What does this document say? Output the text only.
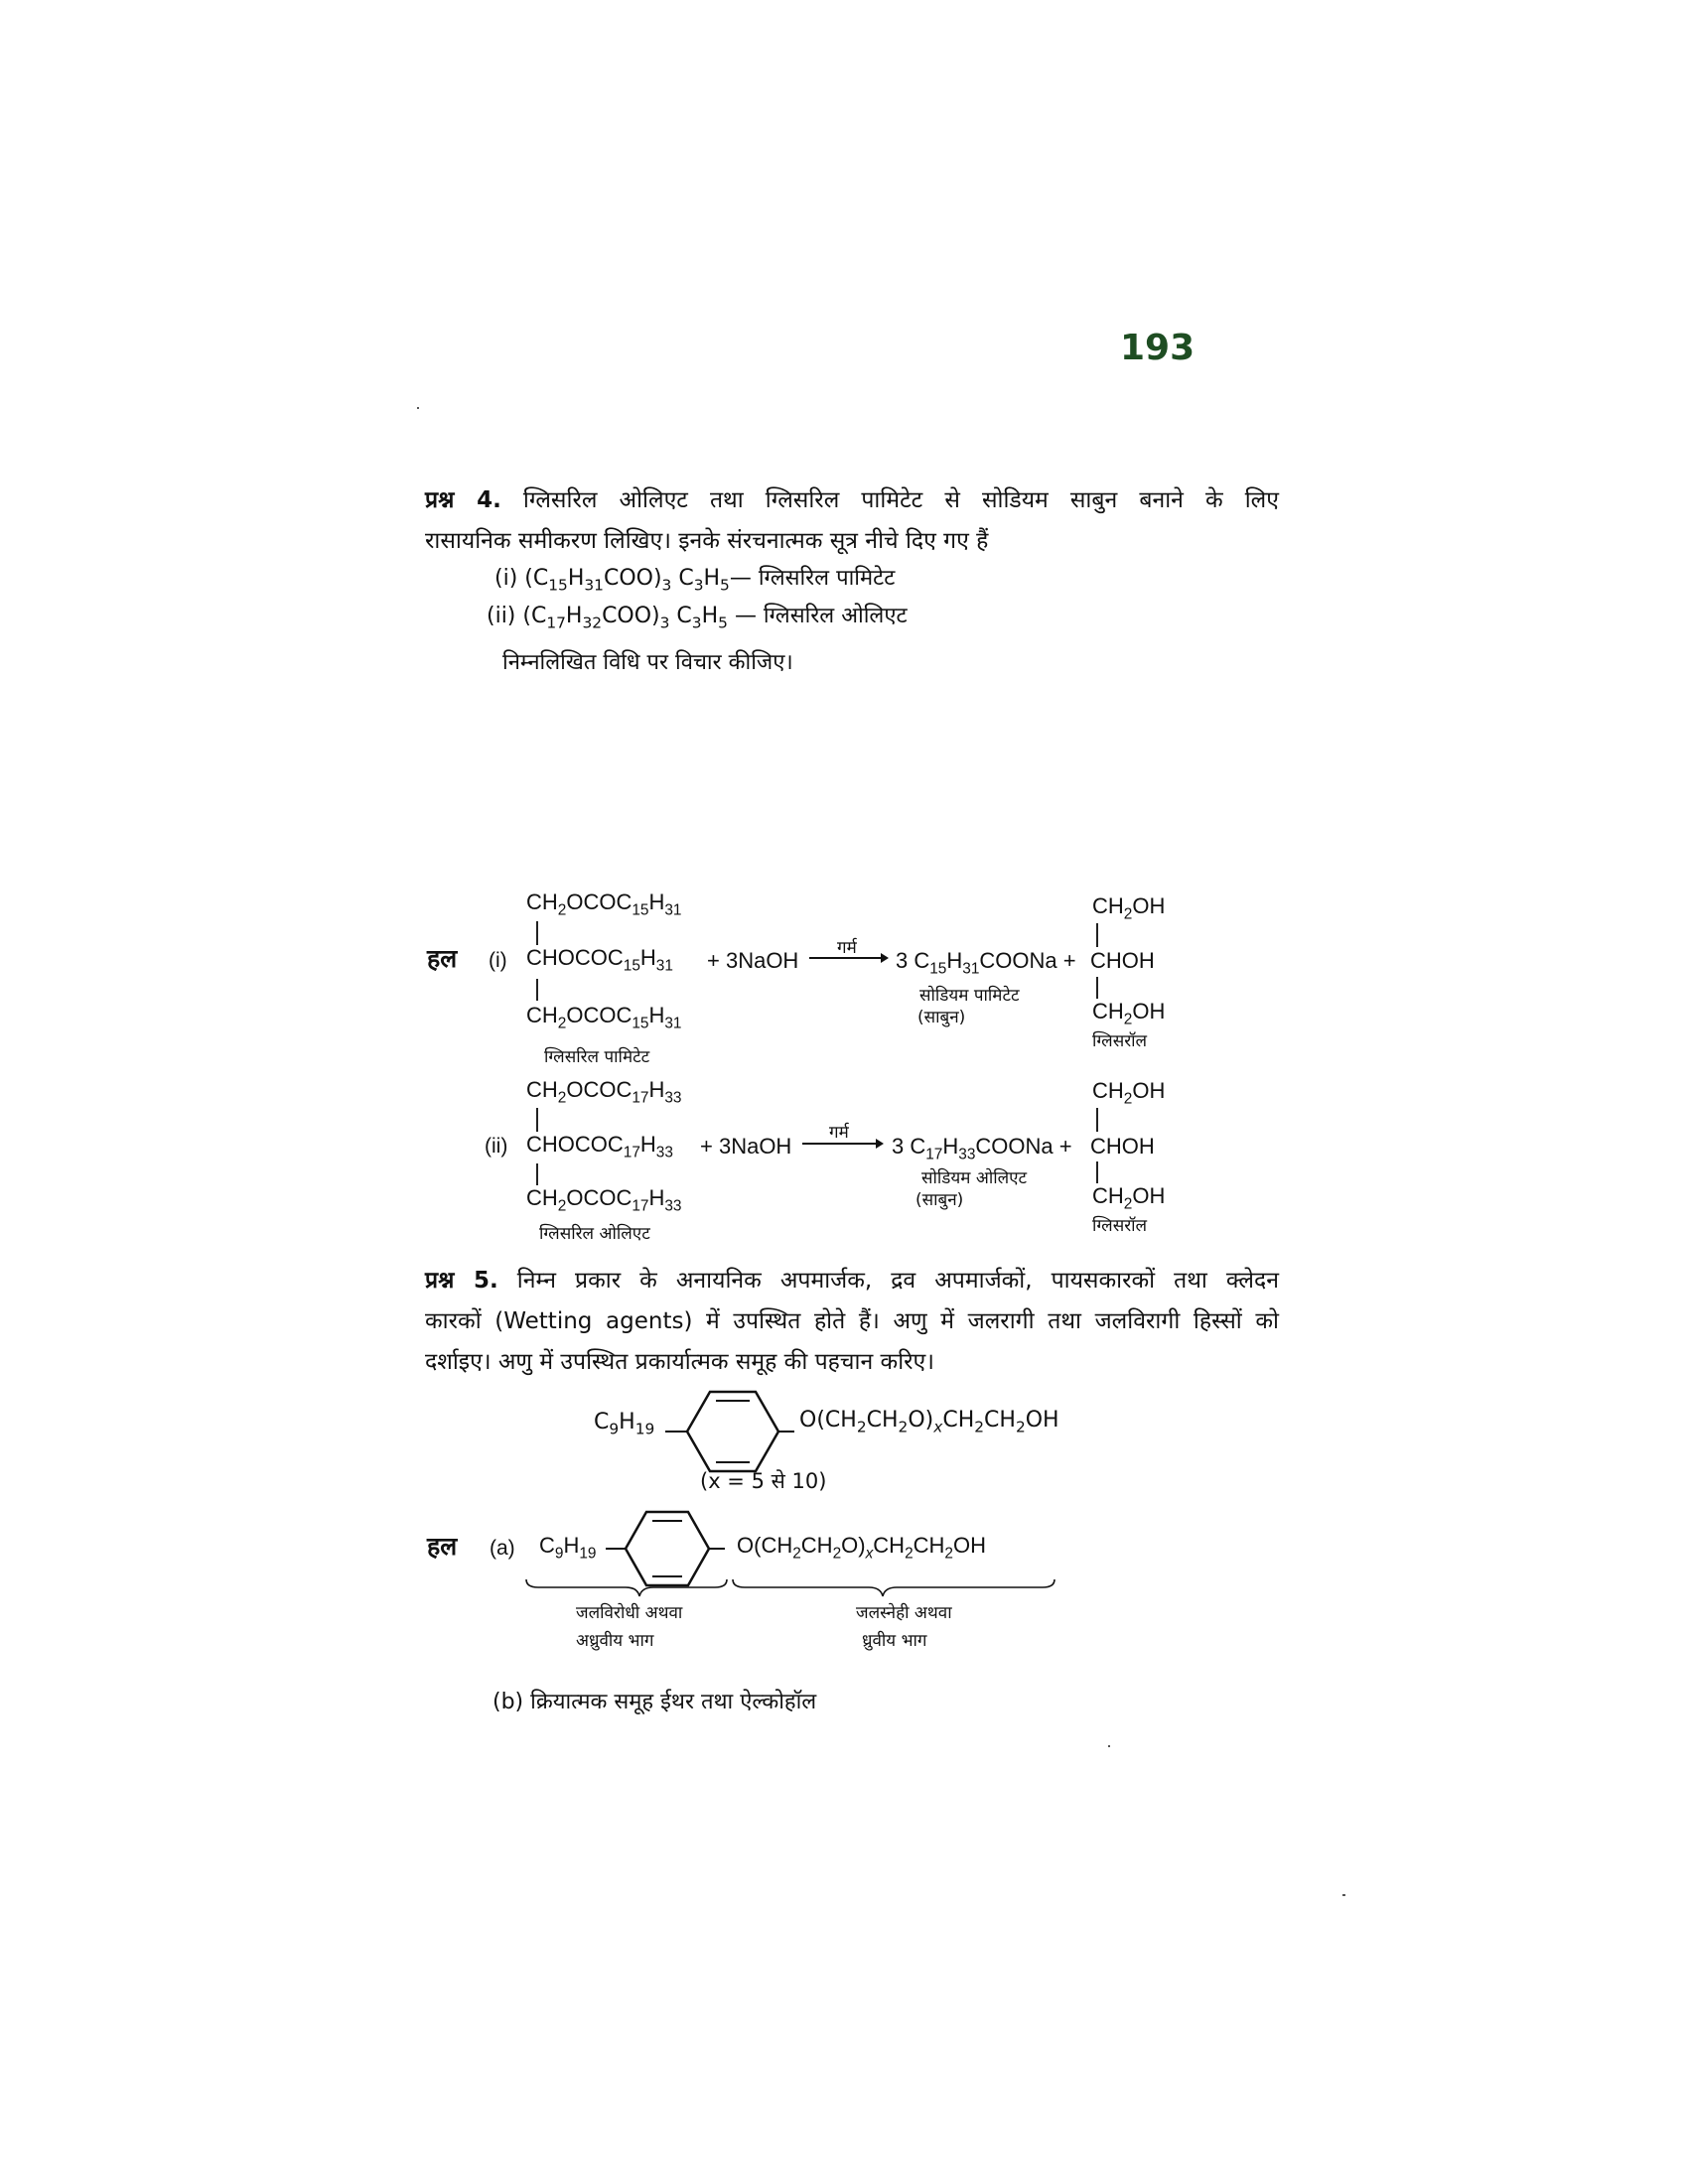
193
प्रश्न 4. ग्लिसरिल ओलिएट तथा ग्लिसरिल पामिटेट से सोडियम साबुन बनाने के लिए
रासायनिक समीकरण लिखिए। इनके संरचनात्मक सूत्र नीचे दिए गए हैं
(i) $(C_{15}H_{31}COO)_3$ $C_3H_5—$ ग्लिसरिल पामिटेट
(ii) $(C_{17}H_{32}COO)_3$ $C_3H_5$ — ग्लिसरिल ओलिएट
निम्नलिखित विधि पर विचार कीजिए।
हल (i)
$CH_2OCOC_{15}H_{31}$
$CHOCOC_{15}H_{31}$
$CH_2OCOC_{15}H_{31}$
ग्लिसरिल पामिटेट
+ 3NaOH गर्म 3 $C_{15}H_{31}COONa$ +
सोडियम पामिटेट
(साबुन)
$CH_2OH$
CHOH
$CH_2OH$
ग्लिसरॉल
(ii)
$CH_2OCOC_{17}H_{33}$
$CHOCOC_{17}H_{33}$
$CH_2OCOC_{17}H_{33}$
ग्लिसरिल ओलिएट
+ 3NaOH
गर्म
3 $C_{17}H_{33}COONa$ +
सोडियम ओलिएट
(साबुन)
$CH_2OH$
CHOH
$CH_2OH$
ग्लिसरॉल
प्रश्न 5. निम्न प्रकार के अनायनिक अपमार्जक, द्रव अपमार्जकों, पायसकारकों तथा क्लेदन
कारकों (Wetting agents) में उपस्थित होते हैं। अणु में जलरागी तथा जलविरागी हिस्सों को
दर्शाइए। अणु में उपस्थित प्रकार्यात्मक समूह की पहचान करिए।
$C_9H_{19}$	$O(CH_2CH_2O)_xCH_2CH_2OH$
(x = 5 से 10)
हल (a) $C_9H_{19}$	$O(CH_2CH_2O)_xCH_2CH_2OH$
जलविरोधी अथवा
अध्रुवीय भाग
जलस्नेही अथवा
ध्रुवीय भाग
(b) क्रियात्मक समूह ईथर तथा ऐल्कोहॉल
